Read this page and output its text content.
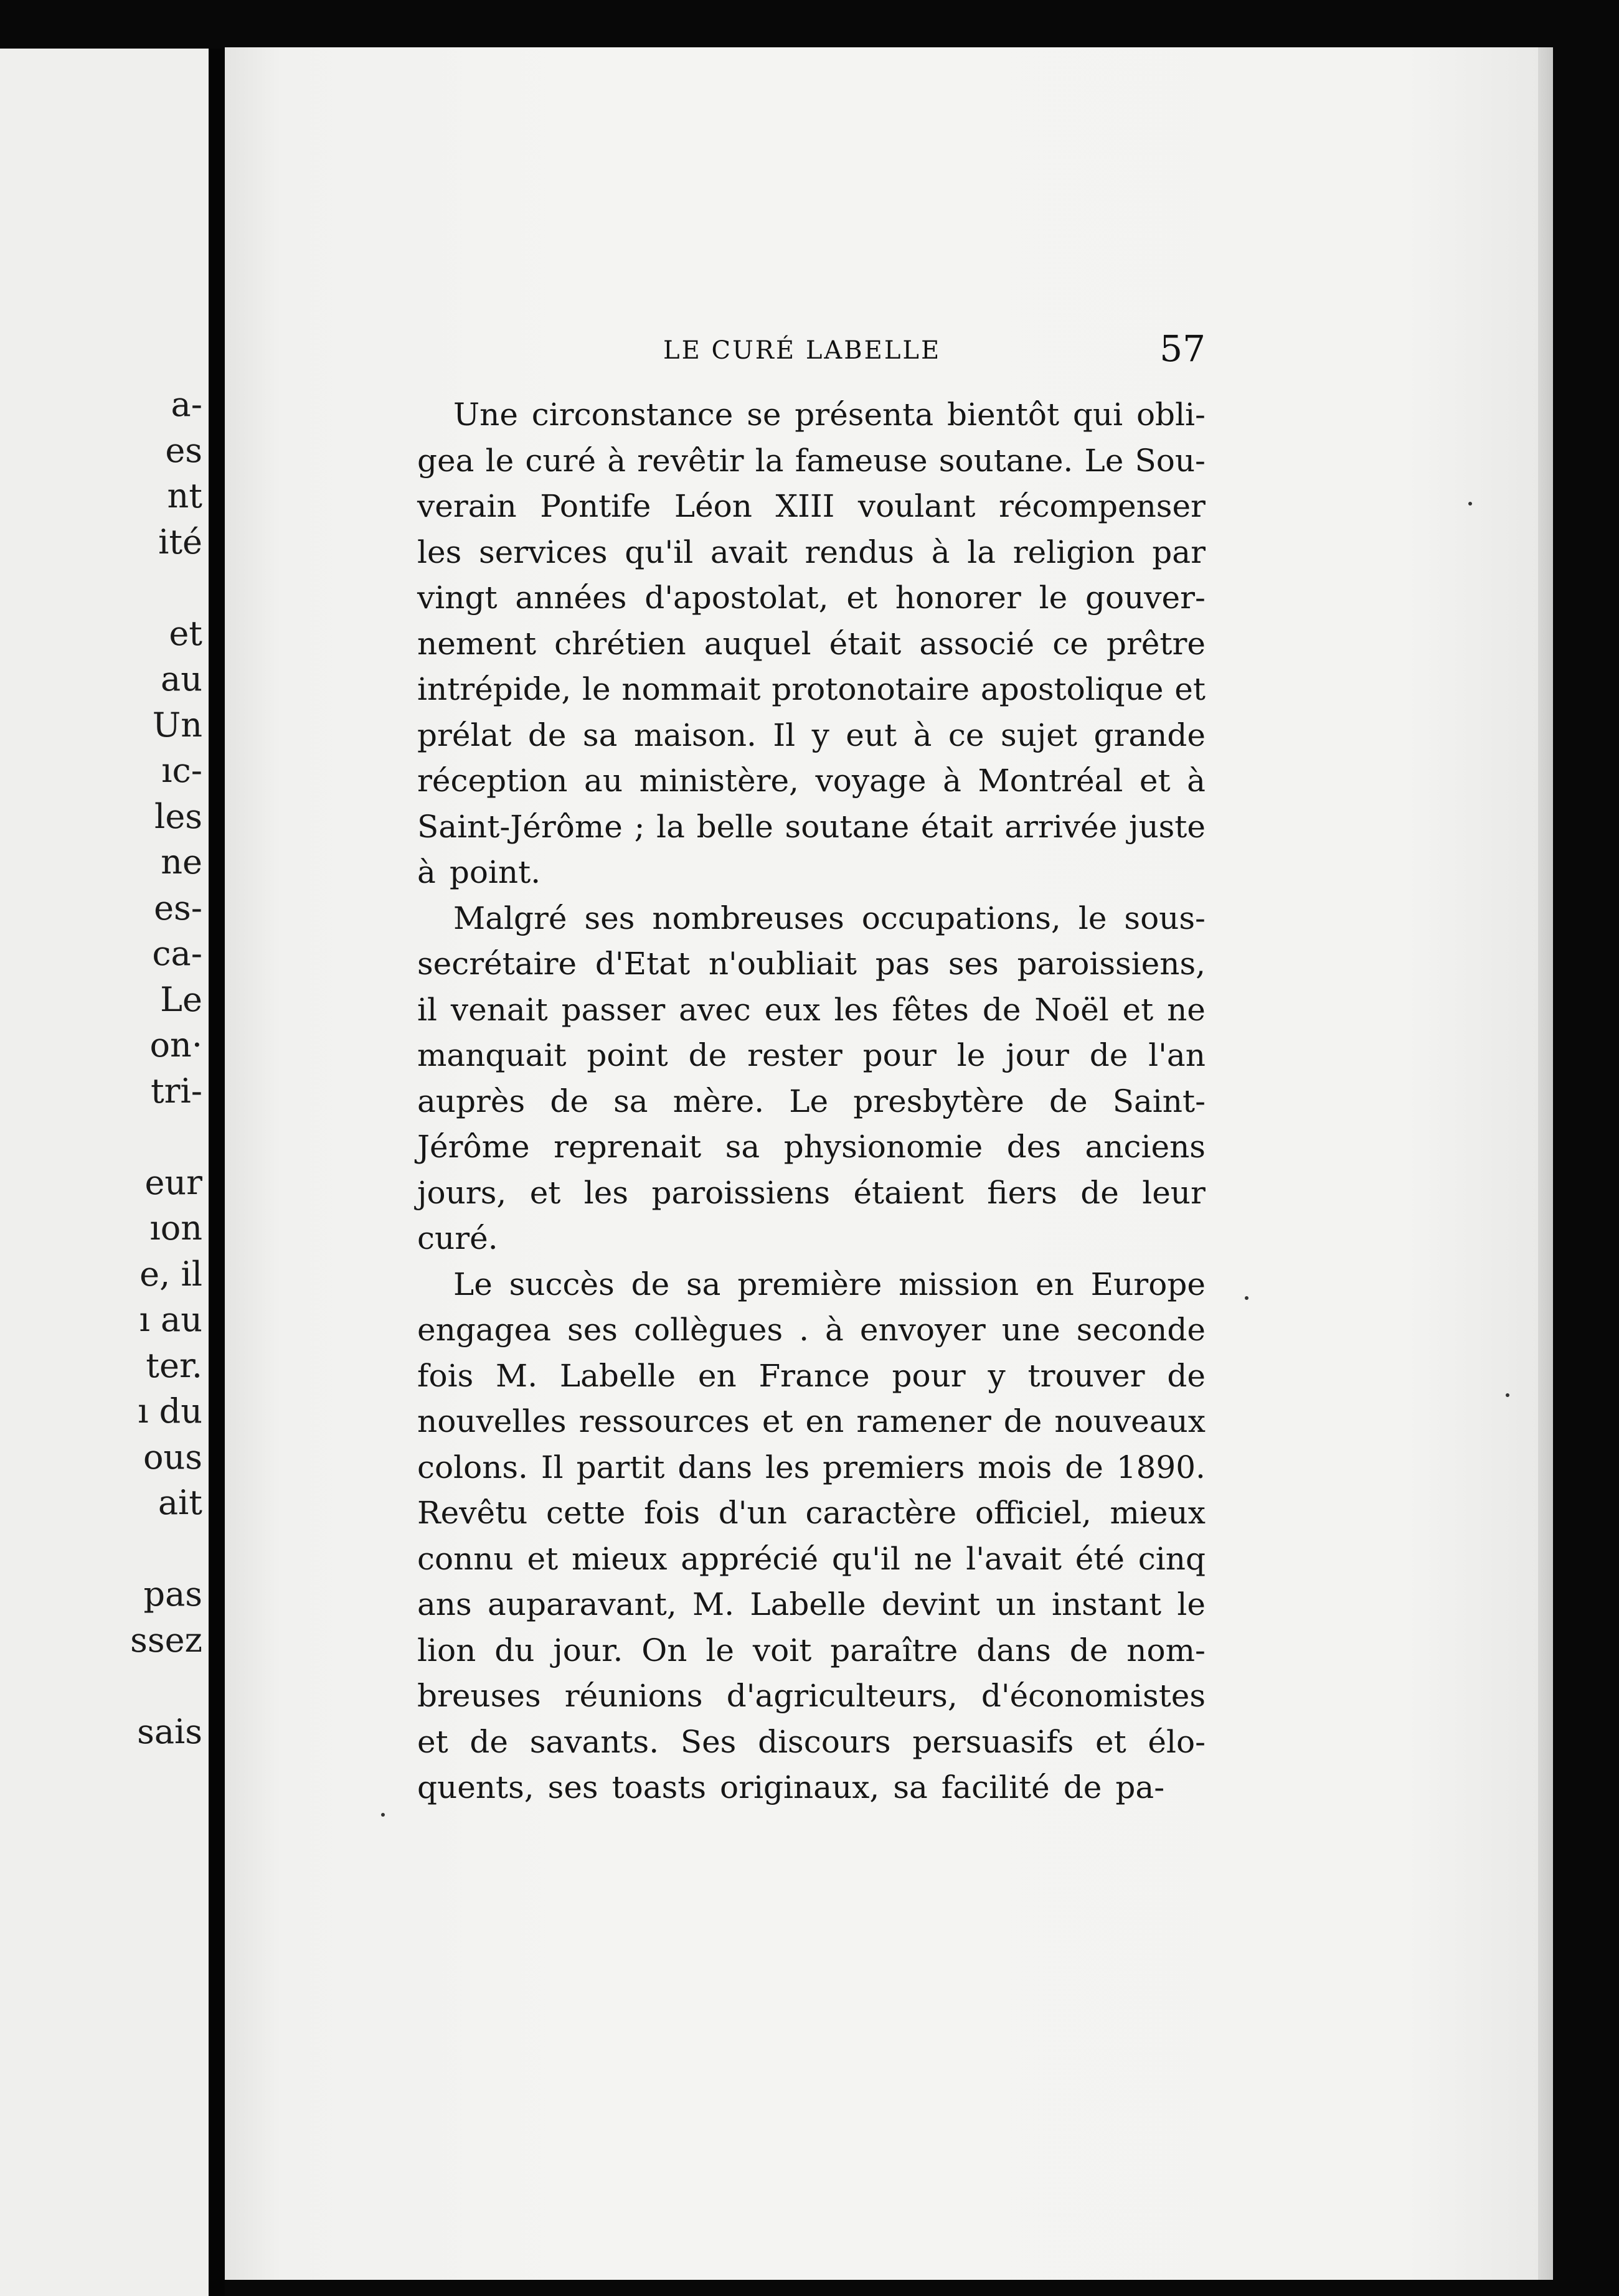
a-
es
nt
ité
et
au
Un
ıc-
les
ne
es-
ca-
Le
on·
tri-
eur
ıon
e, il
ı au
ter.
ı du
ous
ait
pas
ssez
sais
LE CURÉ LABELLE	57
Une circonstance se présenta bientôt qui obli-
gea le curé à revêtir la fameuse soutane. Le Sou-
verain Pontife Léon XIII voulant récompenser
les services qu'il avait rendus à la religion par
vingt années d'apostolat, et honorer le gouver-
nement chrétien auquel était associé ce prêtre
intrépide, le nommait protonotaire apostolique et
prélat de sa maison. Il y eut à ce sujet grande
réception au ministère, voyage à Montréal et à
Saint-Jérôme ; la belle soutane était arrivée juste
à point.
Malgré ses nombreuses occupations, le sous-
secrétaire d'Etat n'oubliait pas ses paroissiens,
il venait passer avec eux les fêtes de Noël et ne
manquait point de rester pour le jour de l'an
auprès de sa mère. Le presbytère de Saint-
Jérôme reprenait sa physionomie des anciens
jours, et les paroissiens étaient fiers de leur
curé.
Le succès de sa première mission en Europe
engagea ses collègues . à envoyer une seconde
fois M. Labelle en France pour y trouver de
nouvelles ressources et en ramener de nouveaux
colons. Il partit dans les premiers mois de 1890.
Revêtu cette fois d'un caractère officiel, mieux
connu et mieux apprécié qu'il ne l'avait été cinq
ans auparavant, M. Labelle devint un instant le
lion du jour. On le voit paraître dans de nom-
breuses réunions d'agriculteurs, d'économistes
et de savants. Ses discours persuasifs et élo-
quents, ses toasts originaux, sa facilité de pa-
